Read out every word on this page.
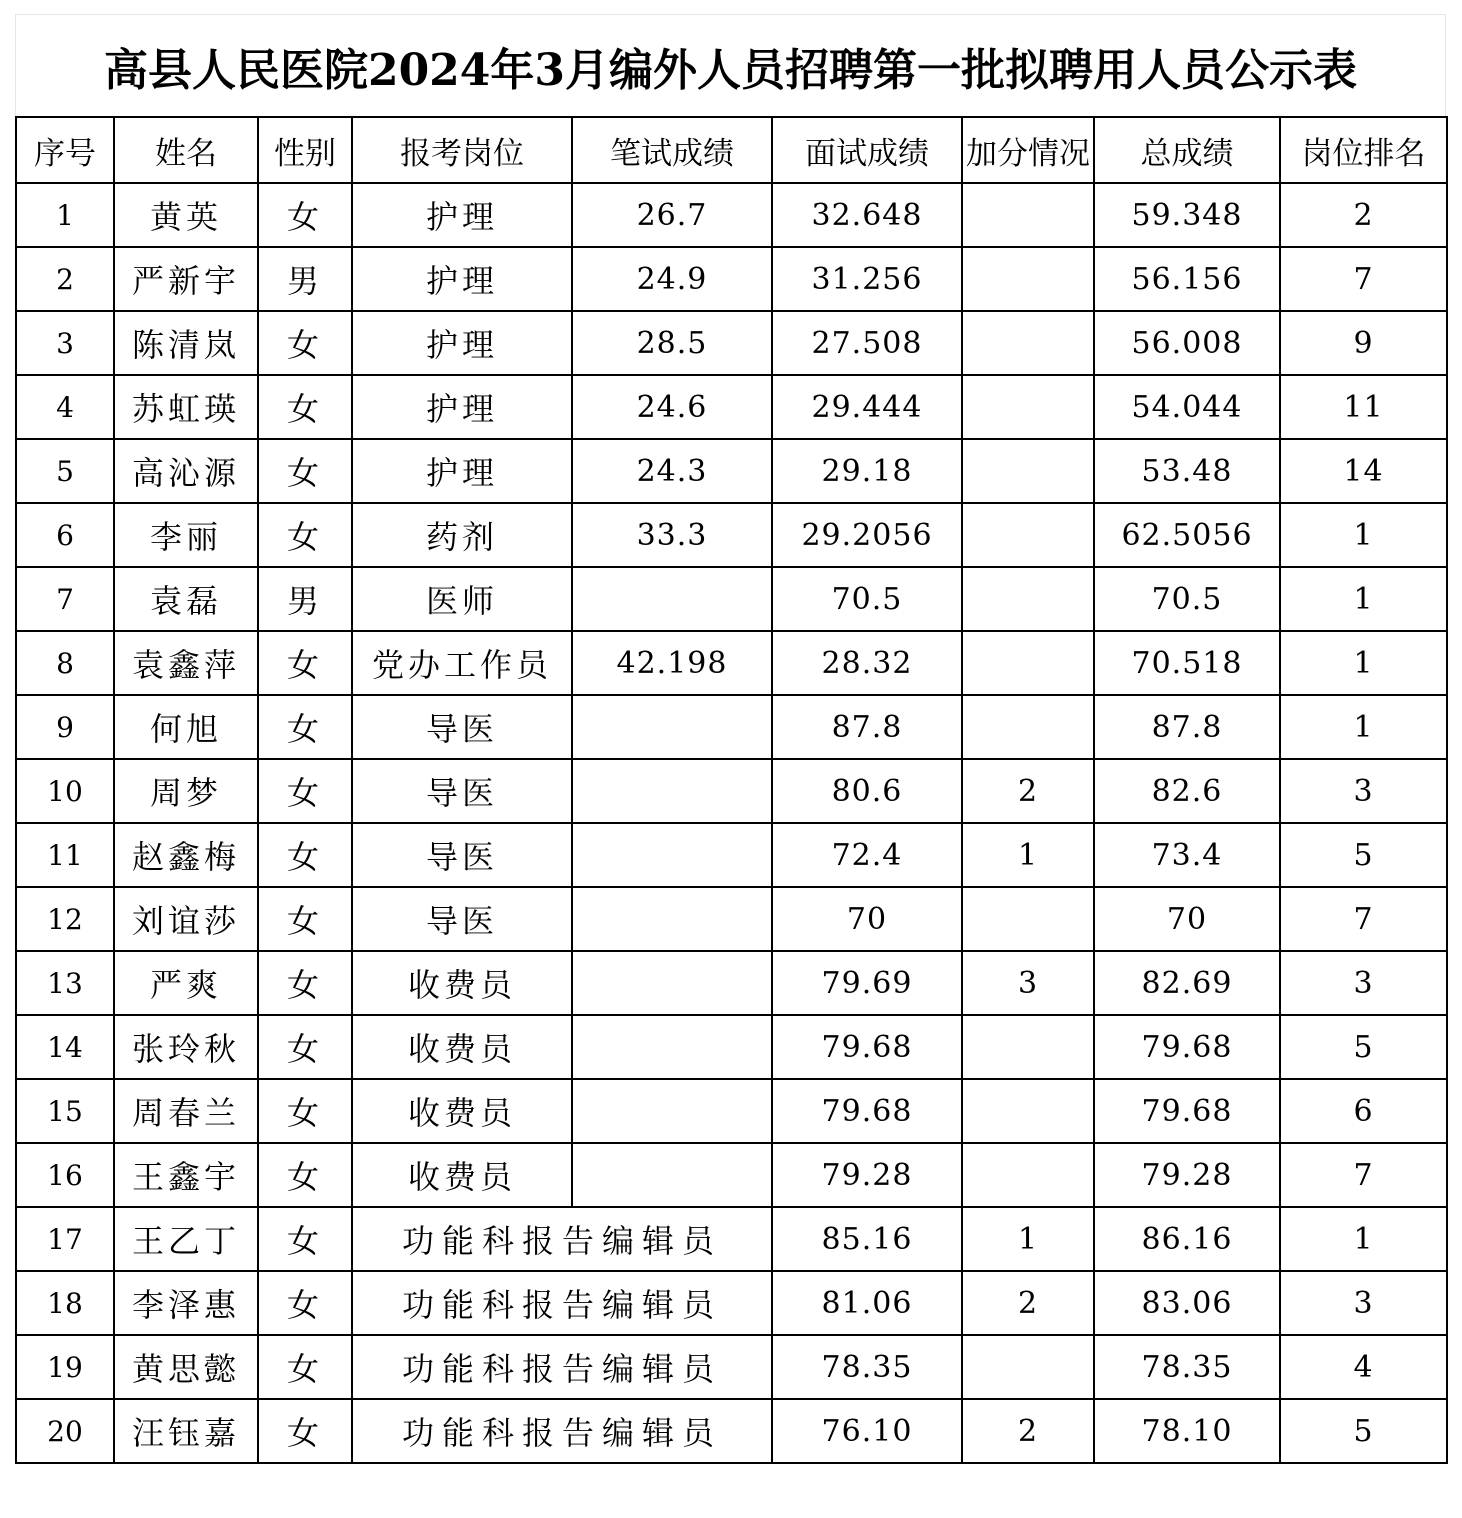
高县人民医院2024年3月编外人员招聘第一批拟聘用人员公示表
序号	姓名	性别	报考岗位	笔试成绩	面试成绩	加分情况	总成绩	岗位排名
1	黄英	女	护理	26.7	32.648		59.348	2
2	严新宇	男	护理	24.9	31.256		56.156	7
3	陈清岚	女	护理	28.5	27.508		56.008	9
4	苏虹瑛	女	护理	24.6	29.444		54.044	11
5	高沁源	女	护理	24.3	29.18		53.48	14
6	李丽	女	药剂	33.3	29.2056		62.5056	1
7	袁磊	男	医师		70.5		70.5	1
8	袁鑫萍	女	党办工作员	42.198	28.32		70.518	1
9	何旭	女	导医		87.8		87.8	1
10	周梦	女	导医		80.6	2	82.6	3
11	赵鑫梅	女	导医		72.4	1	73.4	5
12	刘谊莎	女	导医		70		70	7
13	严爽	女	收费员		79.69	3	82.69	3
14	张玲秋	女	收费员		79.68		79.68	5
15	周春兰	女	收费员		79.68		79.68	6
16	王鑫宇	女	收费员		79.28		79.28	7
17	王乙丁	女	功能科报告编辑员		85.16	1	86.16	1
18	李泽惠	女	功能科报告编辑员		81.06	2	83.06	3
19	黄思懿	女	功能科报告编辑员		78.35		78.35	4
20	汪钰嘉	女	功能科报告编辑员		76.10	2	78.10	5
